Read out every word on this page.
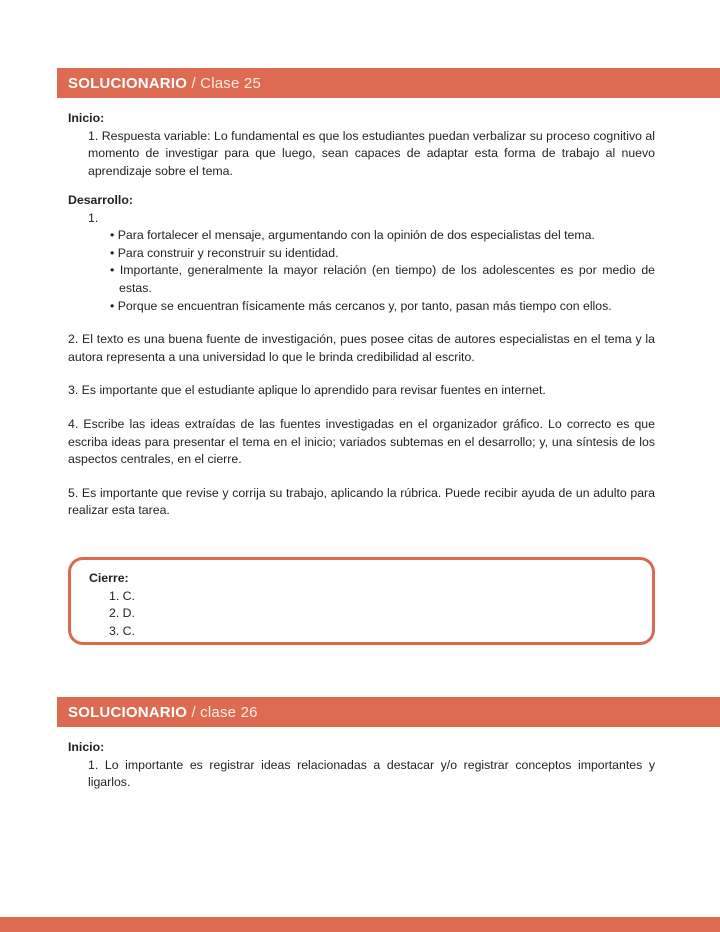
SOLUCIONARIO / Clase 25

Inicio:

1. Respuesta variable: Lo fundamental es que los estudiantes puedan verbalizar su proceso cognitivo al momento de investigar para que luego, sean capaces de adaptar esta forma de trabajo al nuevo aprendizaje sobre el tema.

Desarrollo:

1.

• Para fortalecer el mensaje, argumentando con la opinión de dos especialistas del tema.

• Para construir y reconstruir su identidad.

• Importante, generalmente la mayor relación (en tiempo) de los adolescentes es por medio de estas.

• Porque se encuentran físicamente más cercanos y, por tanto, pasan más tiempo con ellos.

2. El texto es una buena fuente de investigación, pues posee citas de autores especialistas en el tema y la autora representa a una universidad lo que le brinda credibilidad al escrito.

3. Es importante que el estudiante aplique lo aprendido para revisar fuentes en internet.

4. Escribe las ideas extraídas de las fuentes investigadas en el organizador gráfico. Lo correcto es que escriba ideas para presentar el tema en el inicio; variados subtemas en el desarrollo; y, una síntesis de los aspectos centrales, en el cierre.

5. Es importante que revise y corrija su trabajo, aplicando la rúbrica. Puede recibir ayuda de un adulto para realizar esta tarea.

Cierre:

1. C.

2. D.

3. C.

SOLUCIONARIO / clase 26

Inicio:

1. Lo importante es registrar ideas relacionadas a destacar y/o registrar conceptos importantes y ligarlos.
